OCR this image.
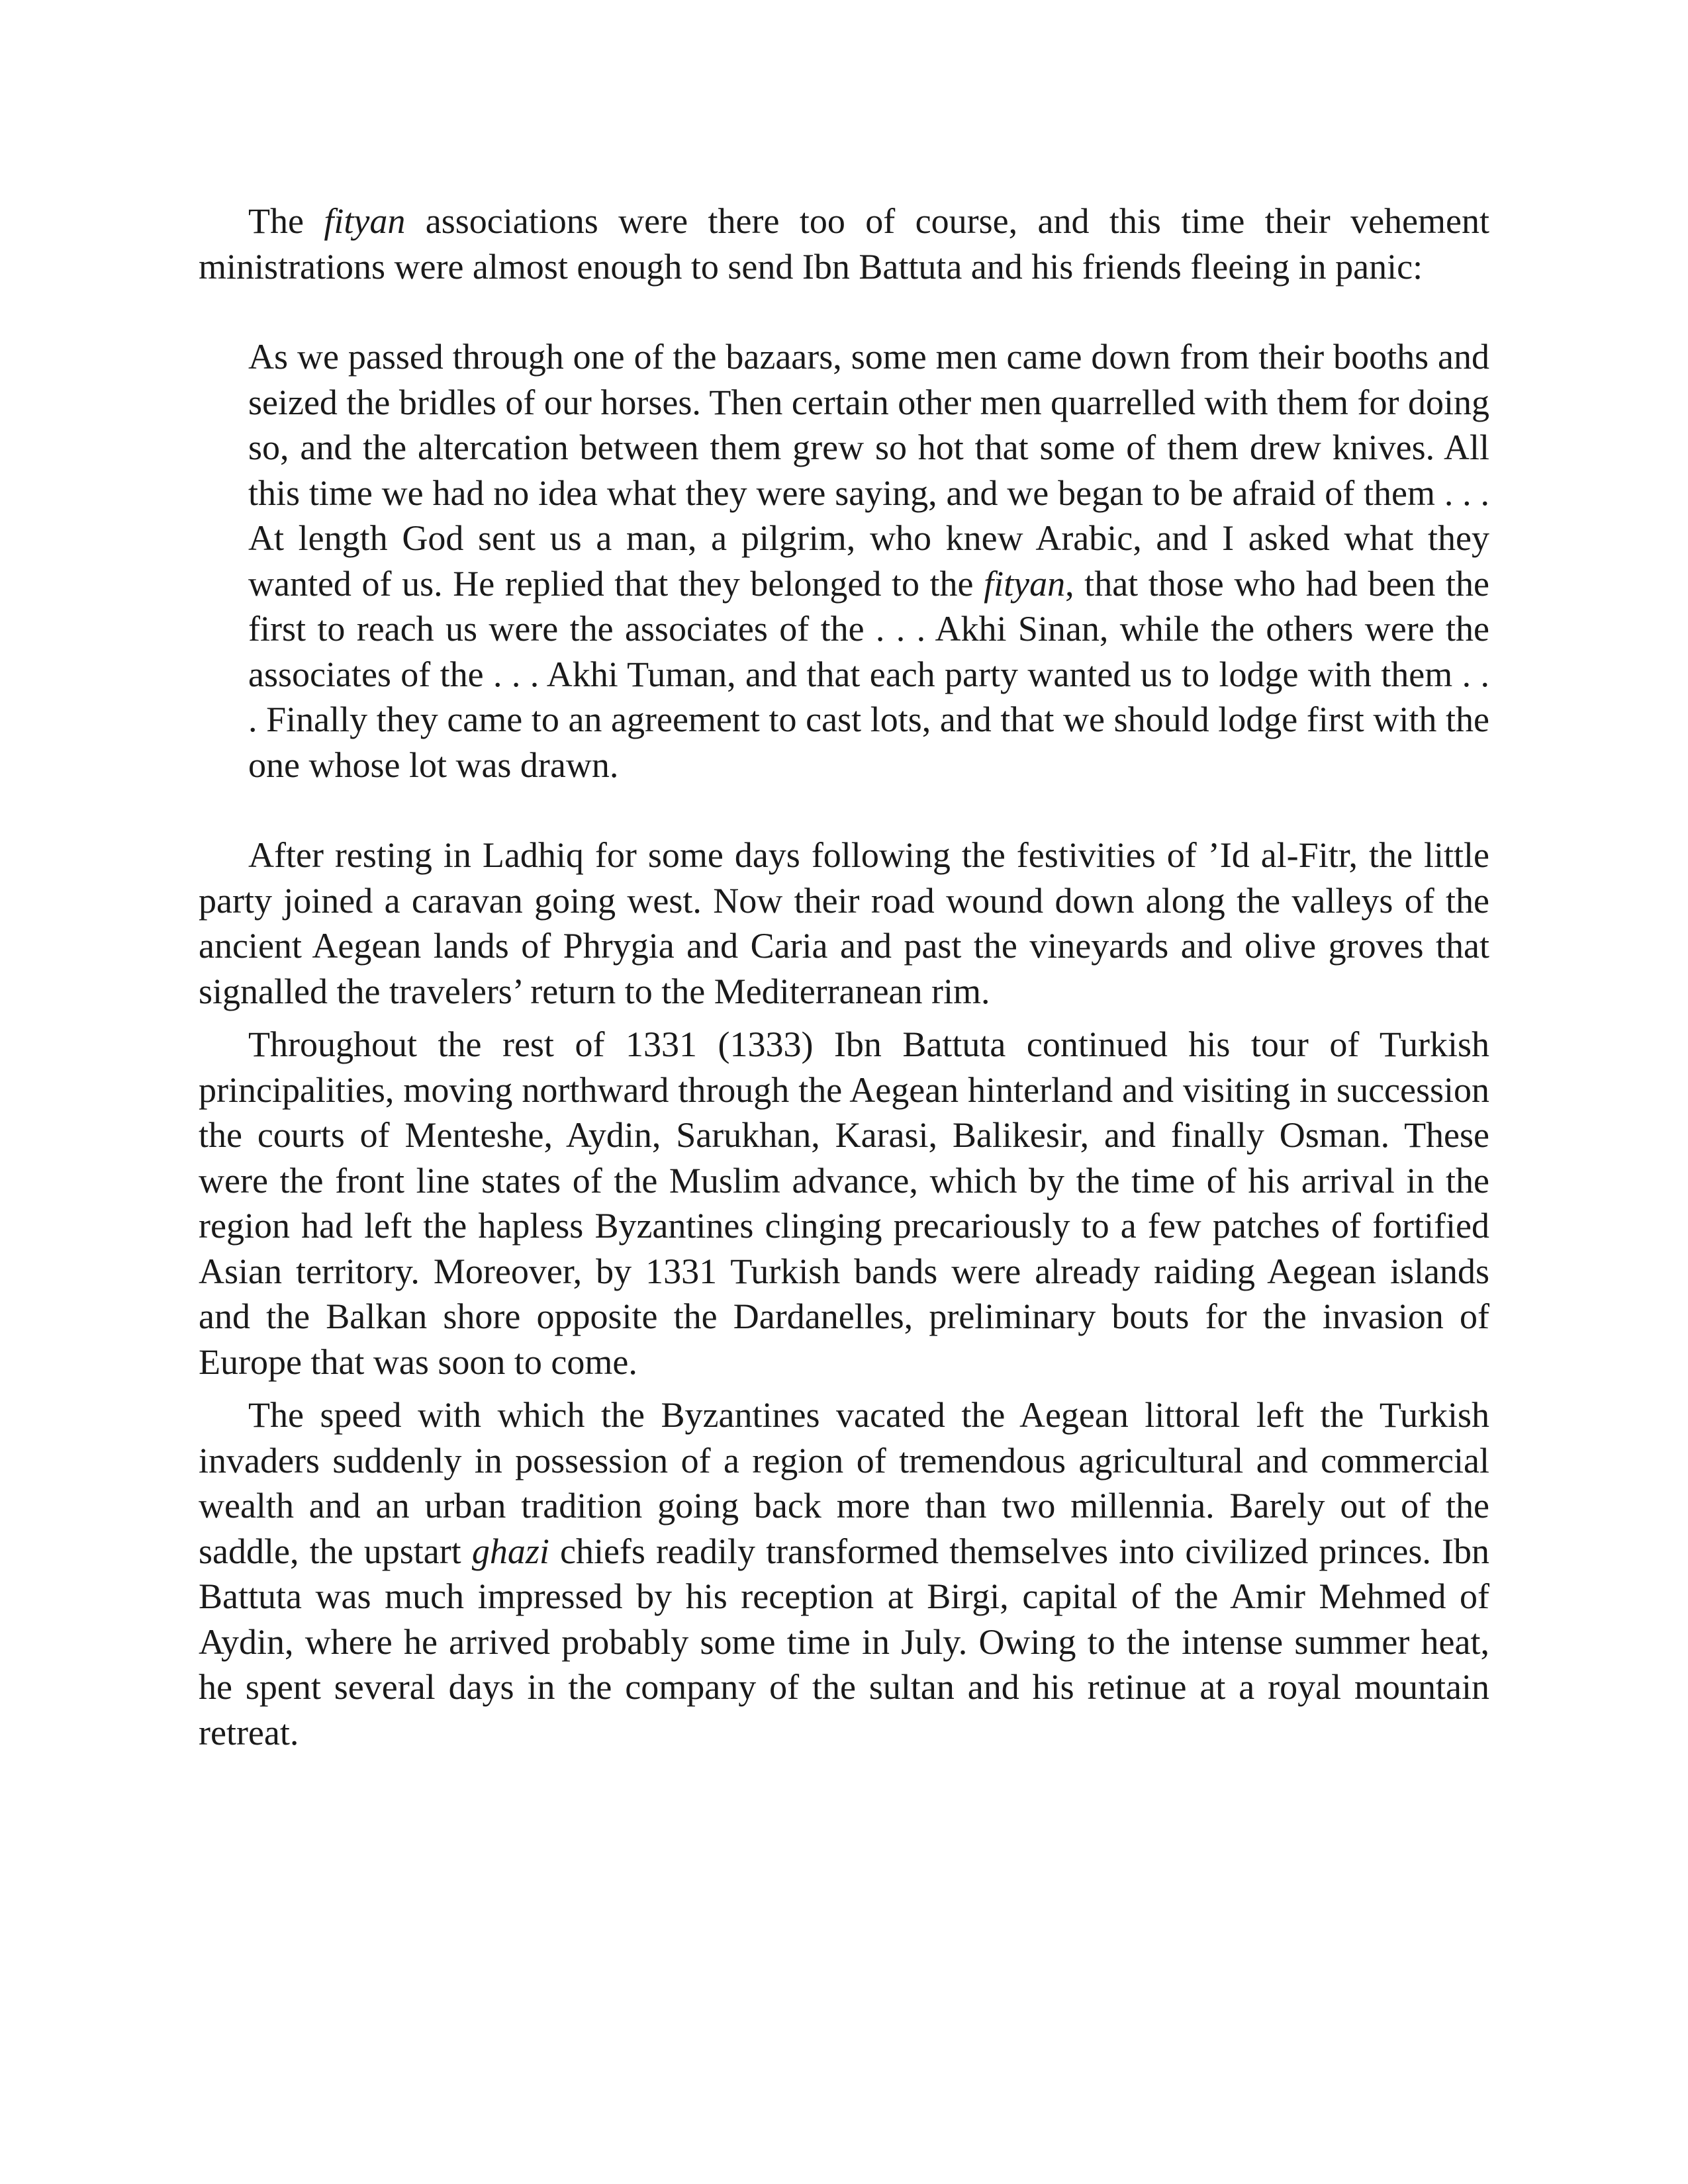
The fityan associations were there too of course, and this time their vehement ministrations were almost enough to send Ibn Battuta and his friends fleeing in panic:

As we passed through one of the bazaars, some men came down from their booths and seized the bridles of our horses. Then certain other men quarrelled with them for doing so, and the altercation between them grew so hot that some of them drew knives. All this time we had no idea what they were saying, and we began to be afraid of them . . . At length God sent us a man, a pilgrim, who knew Arabic, and I asked what they wanted of us. He replied that they belonged to the fityan, that those who had been the first to reach us were the associates of the . . . Akhi Sinan, while the others were the associates of the . . . Akhi Tuman, and that each party wanted us to lodge with them . . . Finally they came to an agreement to cast lots, and that we should lodge first with the one whose lot was drawn.

After resting in Ladhiq for some days following the festivities of ’Id al-Fitr, the little party joined a caravan going west. Now their road wound down along the valleys of the ancient Aegean lands of Phrygia and Caria and past the vineyards and olive groves that signalled the travelers’ return to the Mediterranean rim.

Throughout the rest of 1331 (1333) Ibn Battuta continued his tour of Turkish principalities, moving northward through the Aegean hinterland and visiting in succession the courts of Menteshe, Aydin, Sarukhan, Karasi, Balikesir, and finally Osman. These were the front line states of the Muslim advance, which by the time of his arrival in the region had left the hapless Byzantines clinging precariously to a few patches of fortified Asian territory. Moreover, by 1331 Turkish bands were already raiding Aegean islands and the Balkan shore opposite the Dardanelles, preliminary bouts for the invasion of Europe that was soon to come.

The speed with which the Byzantines vacated the Aegean littoral left the Turkish invaders suddenly in possession of a region of tremendous agricultural and commercial wealth and an urban tradition going back more than two millennia. Barely out of the saddle, the upstart ghazi chiefs readily transformed themselves into civilized princes. Ibn Battuta was much impressed by his reception at Birgi, capital of the Amir Mehmed of Aydin, where he arrived probably some time in July. Owing to the intense summer heat, he spent several days in the company of the sultan and his retinue at a royal mountain retreat.
